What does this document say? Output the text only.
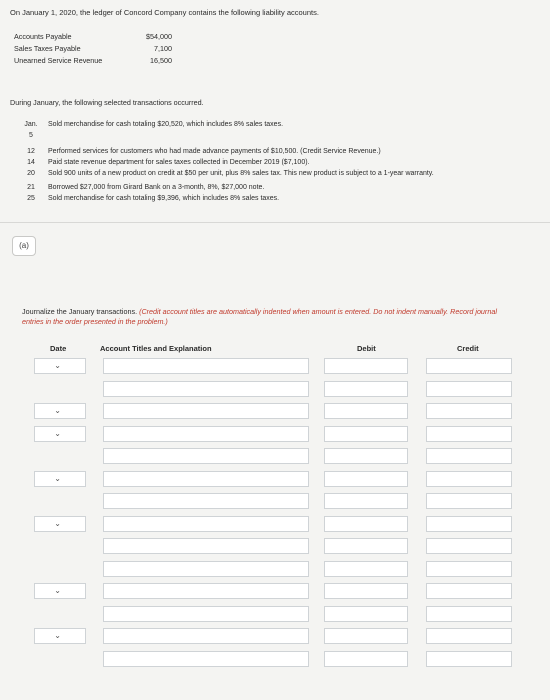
On January 1, 2020, the ledger of Concord Company contains the following liability accounts.
Accounts Payable	$54,000
Sales Taxes Payable	7,100
Unearned Service Revenue	16,500
During January, the following selected transactions occurred.
Jan.	Sold merchandise for cash totaling $20,520, which includes 8% sales taxes.
5
12	Performed services for customers who had made advance payments of $10,500. (Credit Service Revenue.)
14	Paid state revenue department for sales taxes collected in December 2019 ($7,100).
20	Sold 900 units of a new product on credit at $50 per unit, plus 8% sales tax. This new product is subject to a 1-year warranty.
21	Borrowed $27,000 from Girard Bank on a 3-month, 8%, $27,000 note.
25	Sold merchandise for cash totaling $9,396, which includes 8% sales taxes.
(a)
Journalize the January transactions. (Credit account titles are automatically indented when amount is entered. Do not indent manually. Record journal entries in the order presented in the problem.)
Date	Account Titles and Explanation	Debit	Credit
⌄
⌄
⌄
⌄
⌄
⌄
⌄
